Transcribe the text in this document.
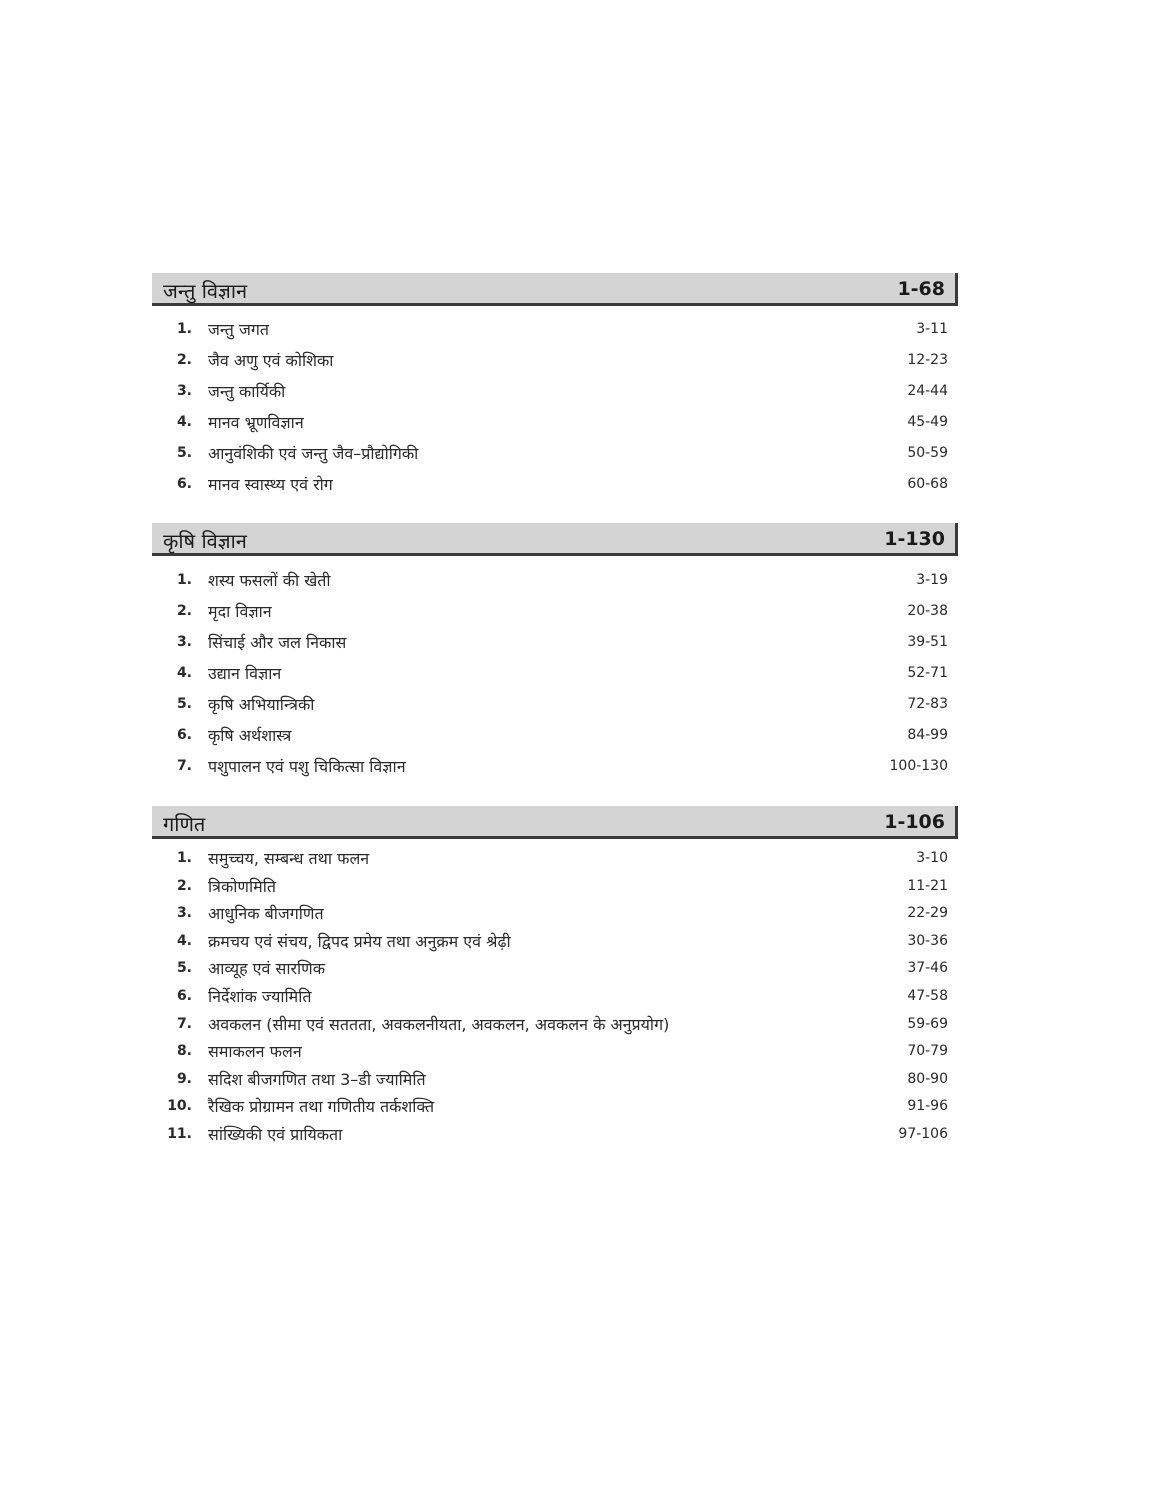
जन्तु विज्ञान	1-68
1. जन्तु जगत	3-11
2. जैव अणु एवं कोशिका	12-23
3. जन्तु कार्यिकी	24-44
4. मानव भ्रूणविज्ञान	45-49
5. आनुवंशिकी एवं जन्तु जैव–प्रौद्योगिकी	50-59
6. मानव स्वास्थ्य एवं रोग	60-68
कृषि विज्ञान	1-130
1. शस्य फसलों की खेती	3-19
2. मृदा विज्ञान	20-38
3. सिंचाई और जल निकास	39-51
4. उद्यान विज्ञान	52-71
5. कृषि अभियान्त्रिकी	72-83
6. कृषि अर्थशास्त्र	84-99
7. पशुपालन एवं पशु चिकित्सा विज्ञान	100-130
गणित	1-106
1. समुच्चय, सम्बन्ध तथा फलन	3-10
2. त्रिकोणमिति	11-21
3. आधुनिक बीजगणित	22-29
4. क्रमचय एवं संचय, द्विपद प्रमेय तथा अनुक्रम एवं श्रेढ़ी	30-36
5. आव्यूह एवं सारणिक	37-46
6. निर्देशांक ज्यामिति	47-58
7. अवकलन (सीमा एवं सततता, अवकलनीयता, अवकलन, अवकलन के अनुप्रयोग)	59-69
8. समाकलन फलन	70-79
9. सदिश बीजगणित तथा 3–डी ज्यामिति	80-90
10. रैखिक प्रोग्रामन तथा गणितीय तर्कशक्ति	91-96
11. सांख्यिकी एवं प्रायिकता	97-106
